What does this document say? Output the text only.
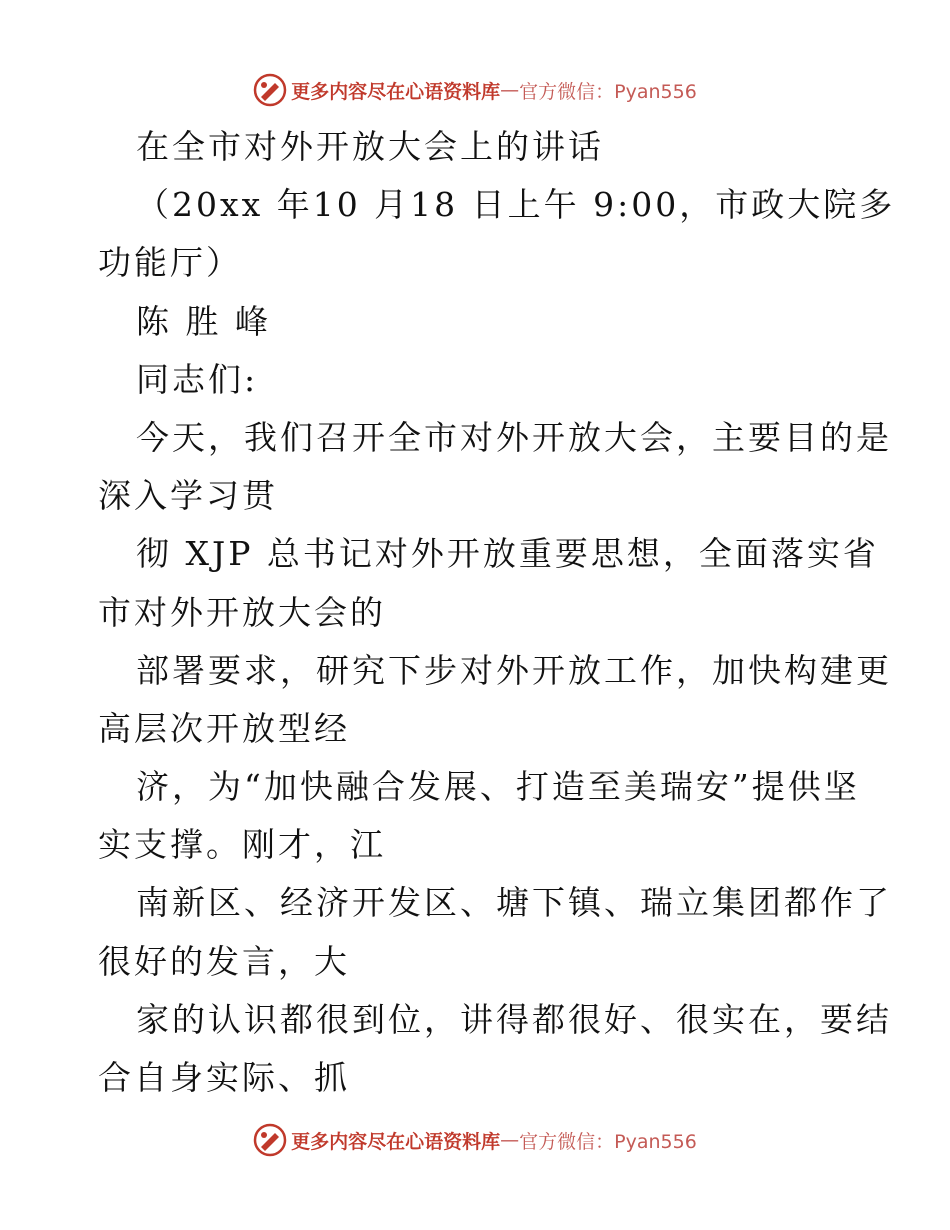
更多内容尽在心语资料库 — 官方微信：Pyan556
在全市对外开放大会上的讲话
（20xx 年10 月18 日上午 9:00，市政大院多
功能厅）
陈 胜 峰
同志们:
今天，我们召开全市对外开放大会，主要目的是
深入学习贯
彻 XJP 总书记对外开放重要思想，全面落实省
市对外开放大会的
部署要求，研究下步对外开放工作，加快构建更
高层次开放型经
济，为“加快融合发展、打造至美瑞安”提供坚
实支撑。刚才，江
南新区、经济开发区、塘下镇、瑞立集团都作了
很好的发言，大
家的认识都很到位，讲得都很好、很实在，要结
合自身实际、抓
更多内容尽在心语资料库 — 官方微信：Pyan556
